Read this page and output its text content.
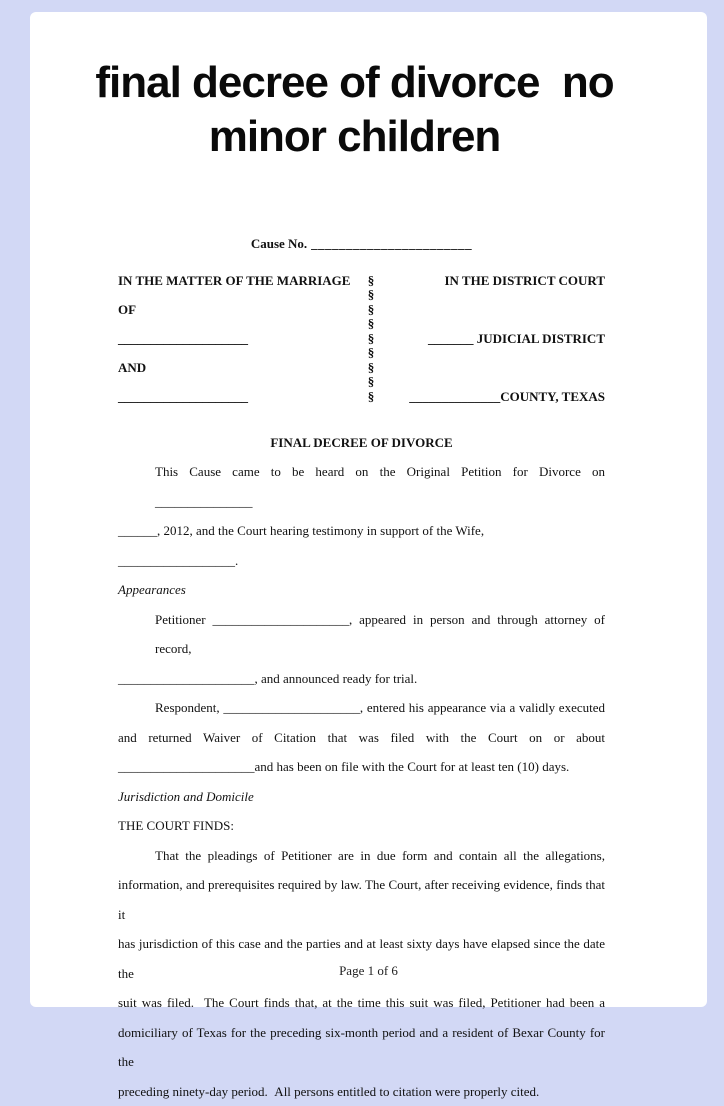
final decree of divorce  no
minor children
Cause No. _______________________
IN THE MATTER OF THE MARRIAGE
OF
____________________
AND
____________________
§
§
§
§
§
§
§
§
§
IN THE DISTRICT COURT
_______ JUDICIAL DISTRICT
______________COUNTY, TEXAS
FINAL DECREE OF DIVORCE
This Cause came to be heard on the Original Petition for Divorce on _______________
______, 2012, and the Court hearing testimony in support of the Wife, __________________.
Appearances
Petitioner _____________________, appeared in person and through attorney of record,
_____________________, and announced ready for trial.
Respondent, _____________________, entered his appearance via a validly executed
and returned Waiver of Citation that was filed with the Court on or about
_____________________and has been on file with the Court for at least ten (10) days.
Jurisdiction and Domicile
THE COURT FINDS:
That the pleadings of Petitioner are in due form and contain all the allegations,
information, and prerequisites required by law. The Court, after receiving evidence, finds that it
has jurisdiction of this case and the parties and at least sixty days have elapsed since the date the
suit was filed.  The Court finds that, at the time this suit was filed, Petitioner had been a
domiciliary of Texas for the preceding six-month period and a resident of Bexar County for the
preceding ninety-day period.  All persons entitled to citation were properly cited.
Page 1 of 6
